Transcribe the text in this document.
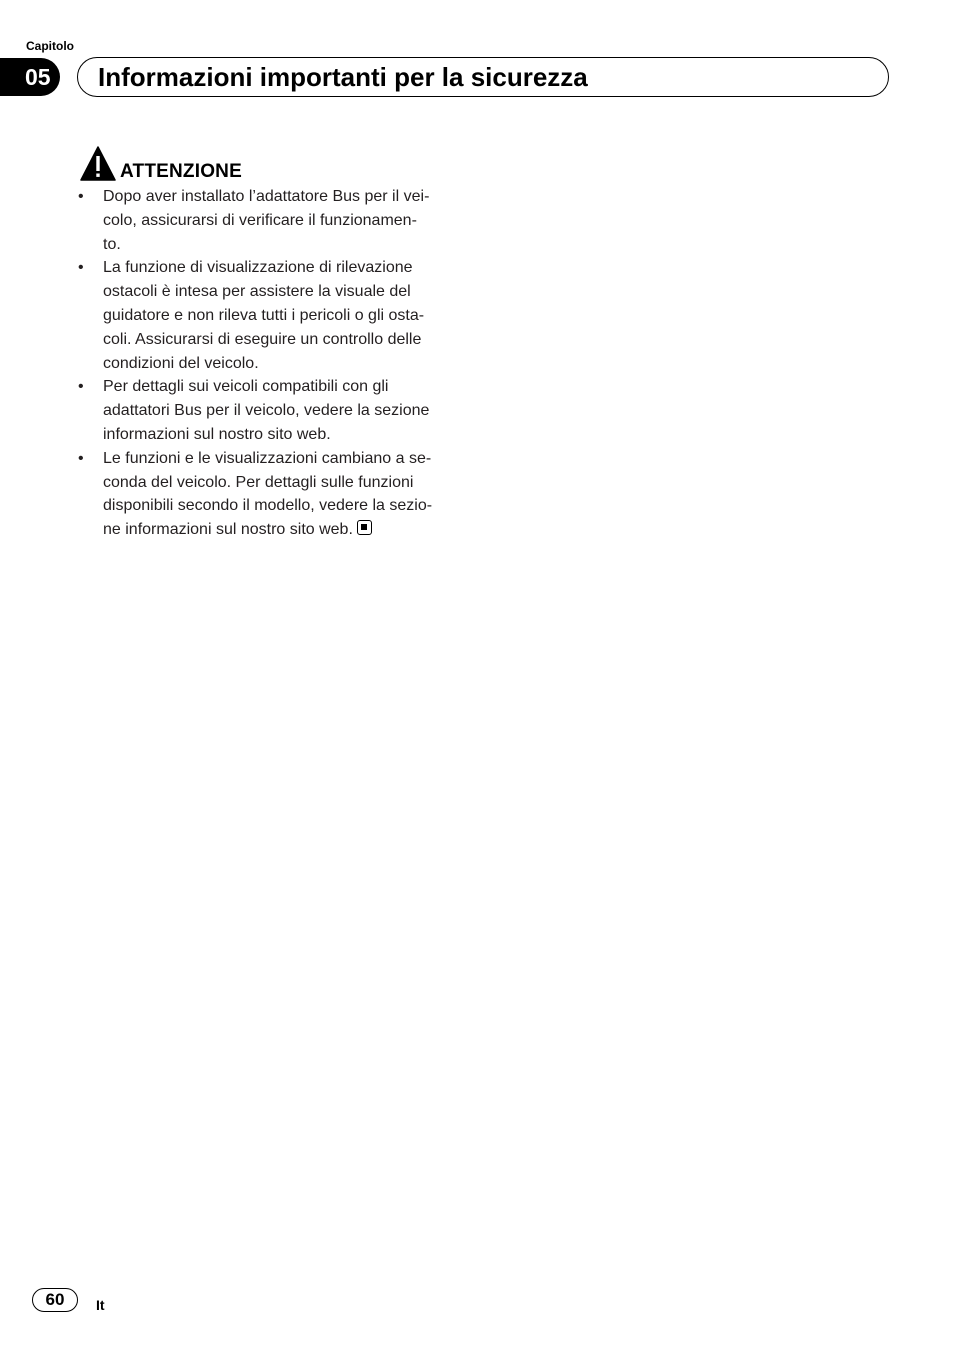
Capitolo
05	Informazioni importanti per la sicurezza
ATTENZIONE
•	Dopo aver installato l’adattatore Bus per il vei-
colo, assicurarsi di verificare il funzionamen-
to.
•	La funzione di visualizzazione di rilevazione
ostacoli è intesa per assistere la visuale del
guidatore e non rileva tutti i pericoli o gli osta-
coli. Assicurarsi di eseguire un controllo delle
condizioni del veicolo.
•	Per dettagli sui veicoli compatibili con gli
adattatori Bus per il veicolo, vedere la sezione
informazioni sul nostro sito web.
•	Le funzioni e le visualizzazioni cambiano a se-
conda del veicolo. Per dettagli sulle funzioni
disponibili secondo il modello, vedere la sezio-
ne informazioni sul nostro sito web.
60	It
